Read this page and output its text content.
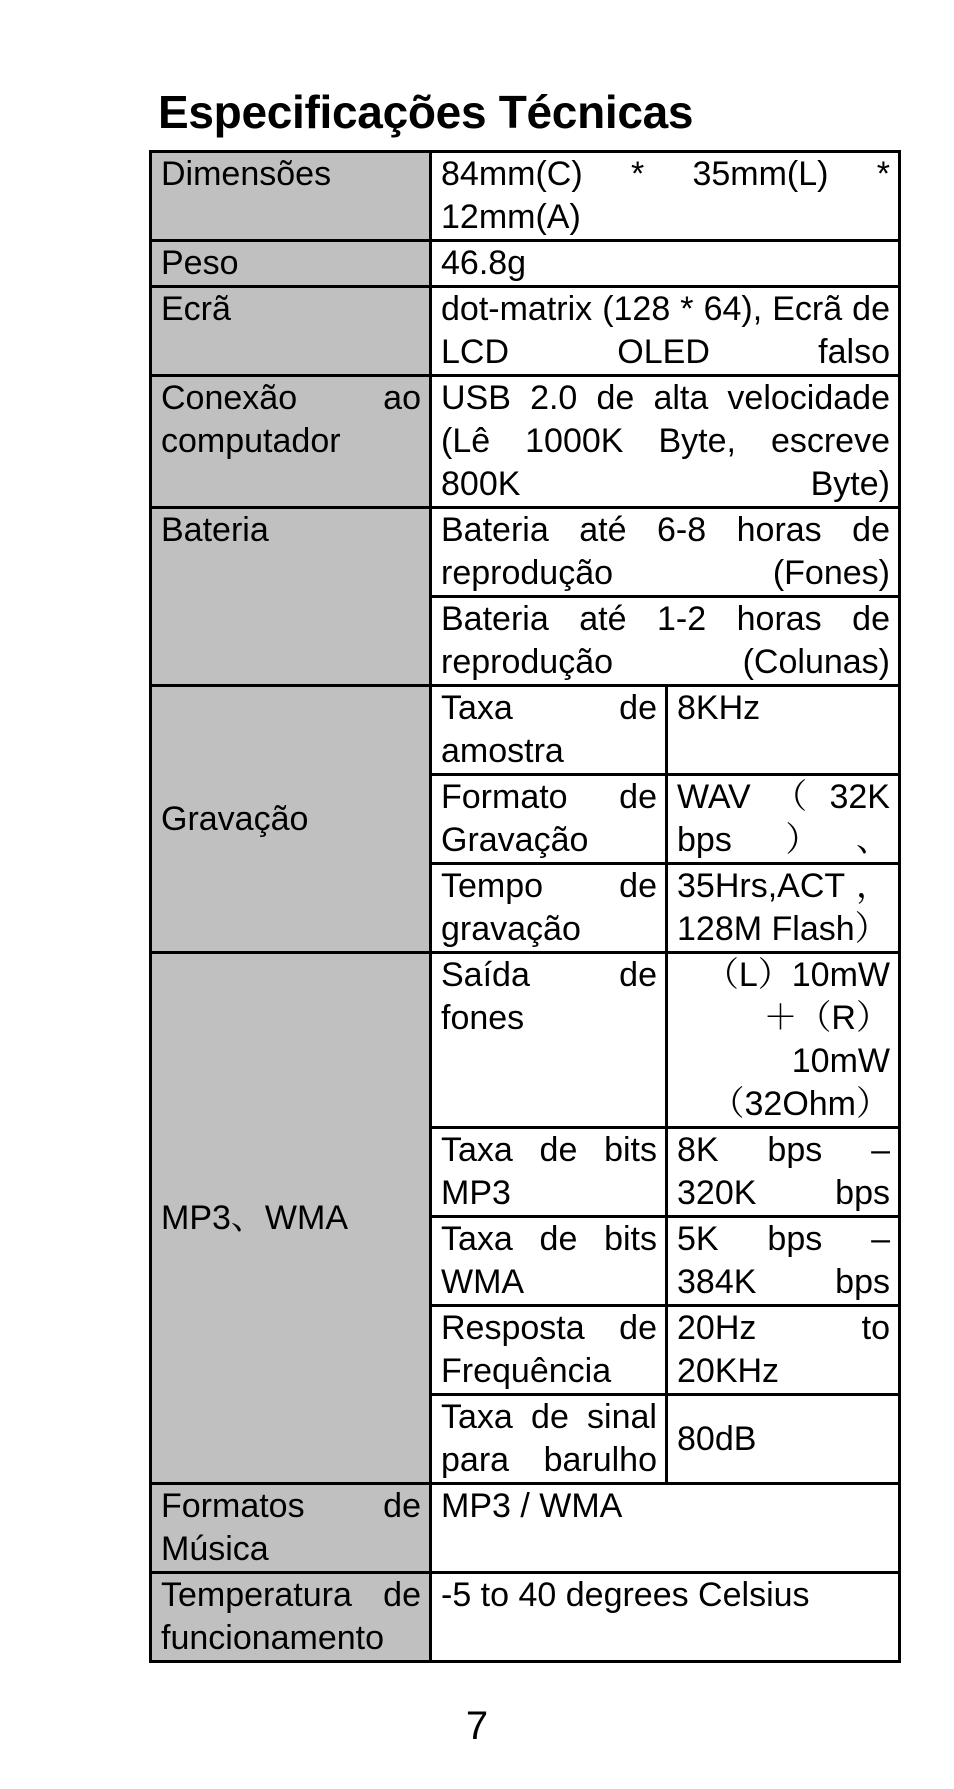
Especificações Técnicas
Dimensões	84mm(C) * 35mm(L) * 12mm(A)	
Peso	46.8g	
Ecrã	dot-matrix (128 * 64), Ecrã de LCD OLED falso	
Conexão ao computador	USB 2.0 de alta velocidade (Lê 1000K Byte, escreve 800K Byte)	
Bateria	Bateria até 6-8 horas de reprodução (Fones)	
	Bateria até 1-2 horas de reprodução (Colunas)	
Gravação	Taxa de amostra	8KHz
	Formato de Gravação	WAV（32K bps）、
	Tempo de gravação	35Hrs,ACT，128M Flash）
MP3、WMA	Saída de fones	（L）10mW ＋（R）10mW（32Ohm）
	Taxa de bits MP3	8K bps – 320K bps
	Taxa de bits WMA	5K bps – 384K bps
	Resposta de Frequência	20Hz to 20KHz
	Taxa de sinal para barulho	80dB
Formatos de Música	MP3 / WMA	
Temperatura de funcionamento	-5 to 40 degrees Celsius	
7
